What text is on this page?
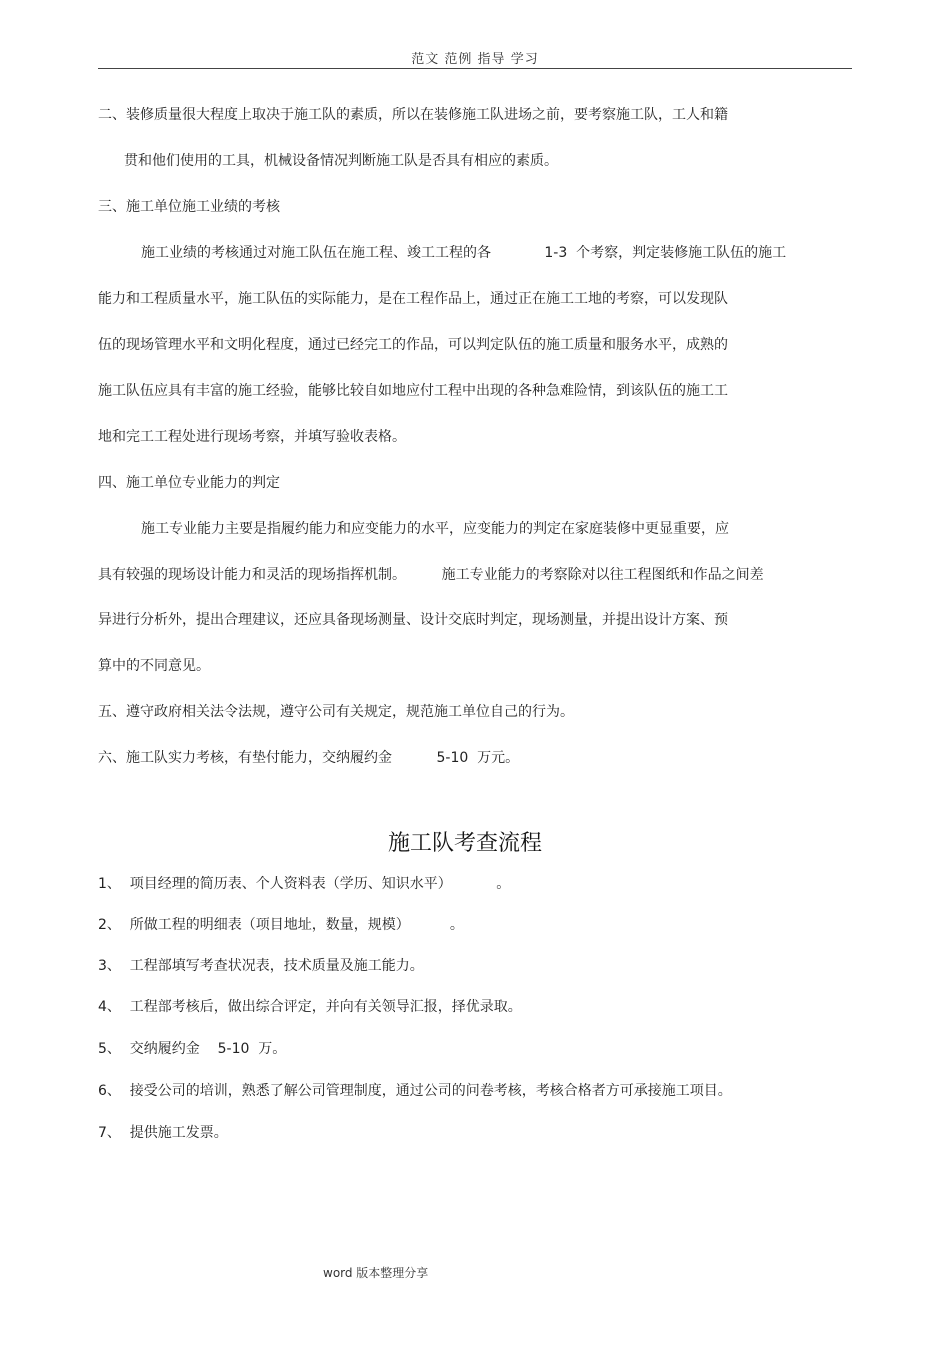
范文 范例 指导 学习
二、装修质量很大程度上取决于施工队的素质，所以在装修施工队进场之前，要考察施工队，工人和籍
贯和他们使用的工具，机械设备情况判断施工队是否具有相应的素质。
三、施工单位施工业绩的考核
施工业绩的考核通过对施工队伍在施工程、竣工工程的各            1-3  个考察，判定装修施工队伍的施工
能力和工程质量水平，施工队伍的实际能力，是在工程作品上，通过正在施工工地的考察，可以发现队
伍的现场管理水平和文明化程度，通过已经完工的作品，可以判定队伍的施工质量和服务水平，成熟的
施工队伍应具有丰富的施工经验，能够比较自如地应付工程中出现的各种急难险情，到该队伍的施工工
地和完工工程处进行现场考察，并填写验收表格。
四、施工单位专业能力的判定
施工专业能力主要是指履约能力和应变能力的水平，应变能力的判定在家庭装修中更显重要，应
具有较强的现场设计能力和灵活的现场指挥机制。        施工专业能力的考察除对以往工程图纸和作品之间差
异进行分析外，提出合理建议，还应具备现场测量、设计交底时判定，现场测量，并提出设计方案、预
算中的不同意见。
五、遵守政府相关法令法规，遵守公司有关规定，规范施工单位自己的行为。
六、施工队实力考核，有垫付能力，交纳履约金          5-10  万元。
施工队考查流程
1、  项目经理的简历表、个人资料表（学历、知识水平）          。
2、  所做工程的明细表（项目地址，数量，规模）         。
3、  工程部填写考查状况表，技术质量及施工能力。
4、  工程部考核后，做出综合评定，并向有关领导汇报，择优录取。
5、  交纳履约金    5-10  万。
6、  接受公司的培训，熟悉了解公司管理制度，通过公司的问卷考核，考核合格者方可承接施工项目。
7、  提供施工发票。
word 版本整理分享
